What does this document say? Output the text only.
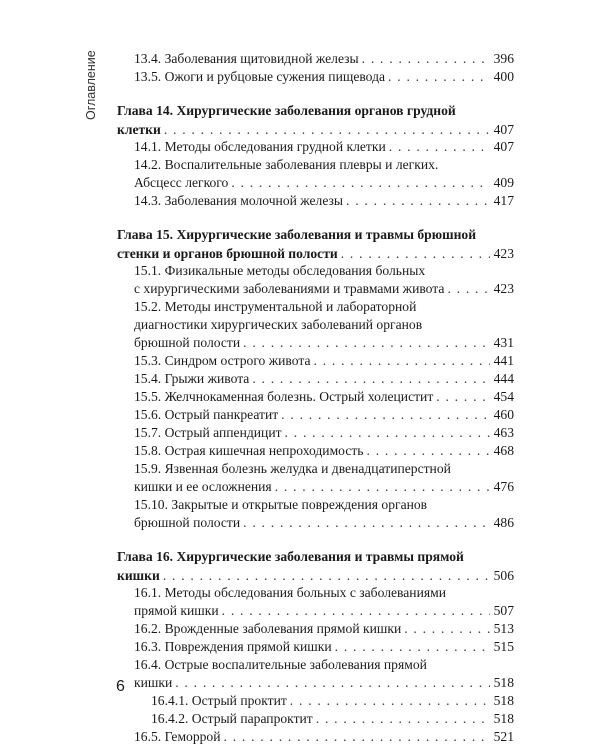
Оглавление	13.4. Заболевания щитовидной железы . . .	396
13.5. Ожоги и рубцовые сужения пищевода . . .	400
Глава 14. Хирургические заболевания органов грудной
клетки . . .	407
14.1. Методы обследования грудной клетки . . .	407
14.2. Воспалительные заболевания плевры и легких.
Абсцесс легкого . . .	409
14.3. Заболевания молочной железы . . .	417
Глава 15. Хирургические заболевания и травмы брюшной
стенки и органов брюшной полости . . .	423
15.1. Физикальные методы обследования больных
с хирургическими заболеваниями и травмами живота . . .	423
15.2. Методы инструментальной и лабораторной
диагностики хирургических заболеваний органов
брюшной полости . . .	431
15.3. Синдром острого живота . . .	441
15.4. Грыжи живота . . .	444
15.5. Желчнокаменная болезнь. Острый холецистит . . .	454
15.6. Острый панкреатит . . .	460
15.7. Острый аппендицит . . .	463
15.8. Острая кишечная непроходимость . . .	468
15.9. Язвенная болезнь желудка и двенадцатиперстной
кишки и ее осложнения . . .	476
15.10. Закрытые и открытые повреждения органов
брюшной полости . . .	486
Глава 16. Хирургические заболевания и травмы прямой
кишки . . .	506
16.1. Методы обследования больных с заболеваниями
прямой кишки . . .	507
16.2. Врожденные заболевания прямой кишки . . .	513
16.3. Повреждения прямой кишки . . .	515
16.4. Острые воспалительные заболевания прямой
кишки . . .	518
16.4.1. Острый проктит . . .	518
16.4.2. Острый парапроктит . . .	518
16.5. Геморрой . . .	521
6
